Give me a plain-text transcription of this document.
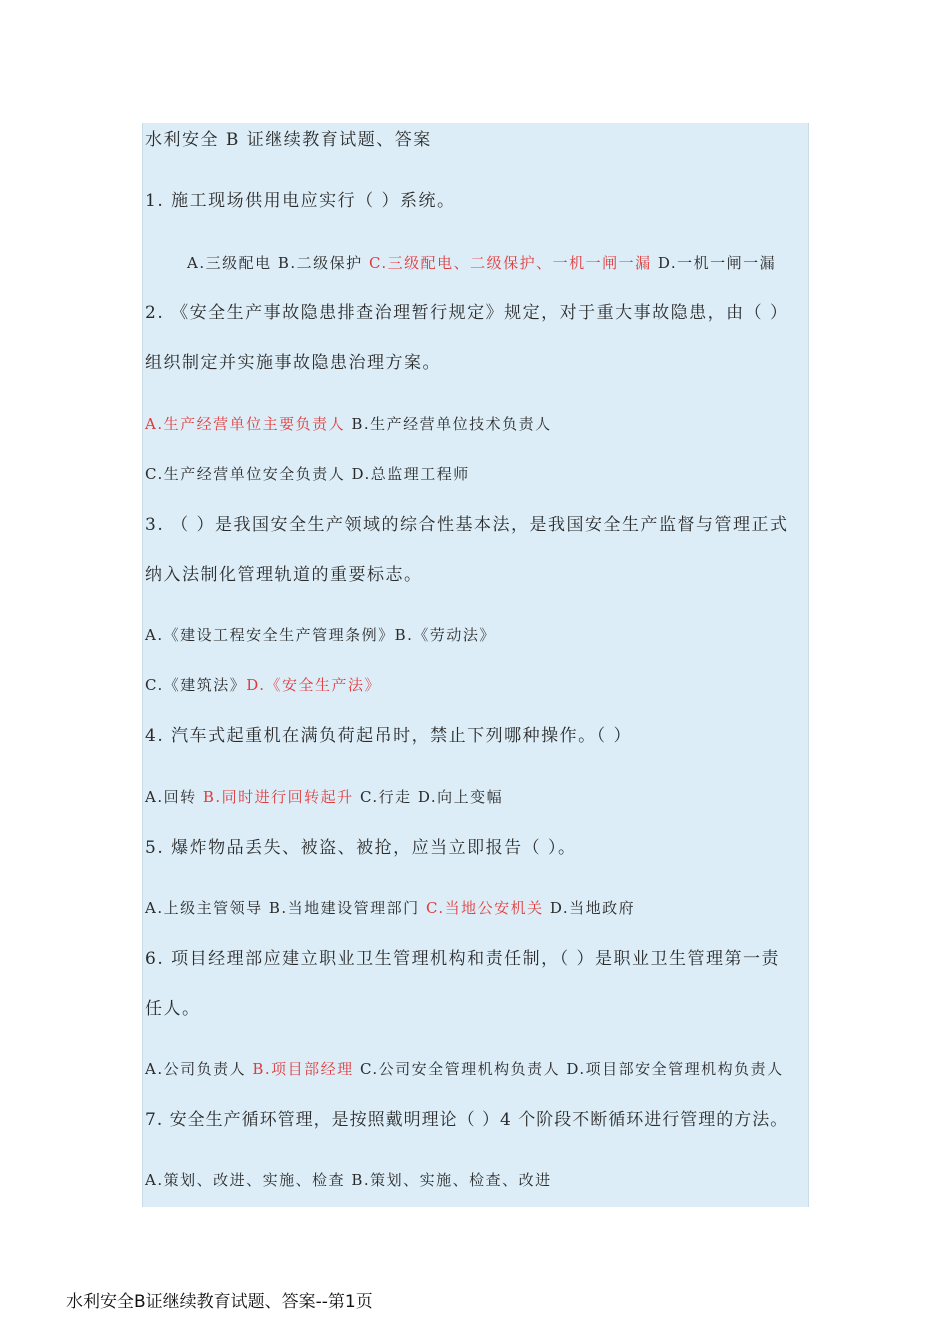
水利安全 B 证继续教育试题、答案
1. 施工现场供用电应实行（ ）系统。
A.三级配电 B.二级保护 C.三级配电、二级保护、一机一闸一漏 D.一机一闸一漏
2. 《安全生产事故隐患排查治理暂行规定》规定，对于重大事故隐患，由（ ）
组织制定并实施事故隐患治理方案。
A.生产经营单位主要负责人 B.生产经营单位技术负责人
C.生产经营单位安全负责人 D.总监理工程师
3. （ ）是我国安全生产领域的综合性基本法，是我国安全生产监督与管理正式
纳入法制化管理轨道的重要标志。
A.《建设工程安全生产管理条例》B.《劳动法》
C.《建筑法》D.《安全生产法》
4. 汽车式起重机在满负荷起吊时，禁止下列哪种操作。（ ）
A.回转 B.同时进行回转起升 C.行走 D.向上变幅
5. 爆炸物品丢失、被盗、被抢，应当立即报告（ ）。
A.上级主管领导 B.当地建设管理部门 C.当地公安机关 D.当地政府
6. 项目经理部应建立职业卫生管理机构和责任制，（ ）是职业卫生管理第一责
任人。
A.公司负责人 B.项目部经理 C.公司安全管理机构负责人 D.项目部安全管理机构负责人
7. 安全生产循环管理，是按照戴明理论（ ）4 个阶段不断循环进行管理的方法。
A.策划、改进、实施、检查 B.策划、实施、检查、改进
水利安全B证继续教育试题、答案--第1页
